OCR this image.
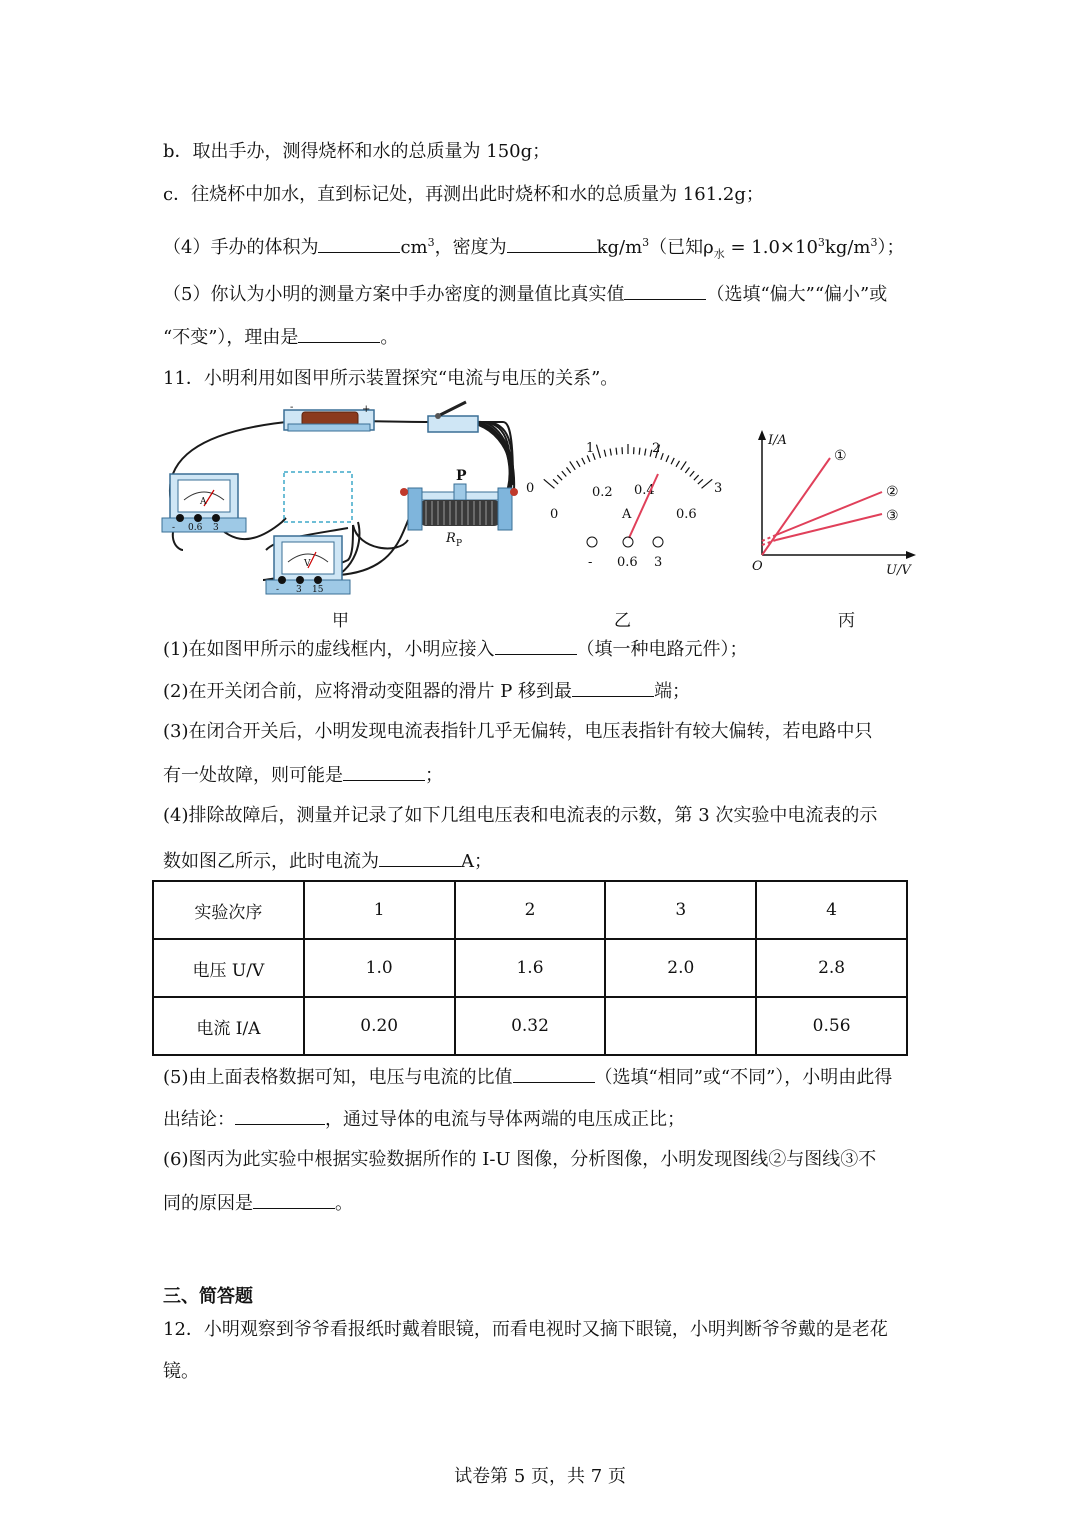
b．取出手办，测得烧杯和水的总质量为 150g；
c．往烧杯中加水，直到标记处，再测出此时烧杯和水的总质量为 161.2g；
（4）手办的体积为	$cm^3$，密度为	$kg/m^3$（已知$\rho_水 = 1.0\times 10^3kg/m^3$）；
（5）你认为小明的测量方案中手办密度的测量值比真实值	（选填“偏大”“偏小”或
“不变”），理由是	。
11．小明利用如图甲所示装置探究“电流与电压的关系”。
-	+
A
- 0.6 3
V
- 3 15
P
R P
0
1	2
3
0
0.2 0.4
0.6
A
- 0.6 3
I/A
U/V
O
①
②
③
甲	乙	丙
(1)在如图甲所示的虚线框内，小明应接入	（填一种电路元件）；
(2)在开关闭合前，应将滑动变阻器的滑片 P 移到最	端；
(3)在闭合开关后，小明发现电流表指针几乎无偏转，电压表指针有较大偏转，若电路中只
有一处故障，则可能是	；
(4)排除故障后，测量并记录了如下几组电压表和电流表的示数，第 3 次实验中电流表的示
数如图乙所示，此时电流为	A；
实验次序	1	2	3	4
电压 U/V	1.0	1.6	2.0	2.8
电流 I/A	0.20	0.32		0.56
(5)由上面表格数据可知，电压与电流的比值	（选填“相同”或“不同”），小明由此得
出结论：	，通过导体的电流与导体两端的电压成正比；
(6)图丙为此实验中根据实验数据所作的 I-U 图像，分析图像，小明发现图线②与图线③不
同的原因是	。
三、简答题
12．小明观察到爷爷看报纸时戴着眼镜，而看电视时又摘下眼镜，小明判断爷爷戴的是老花
镜。
试卷第 5 页，共 7 页
